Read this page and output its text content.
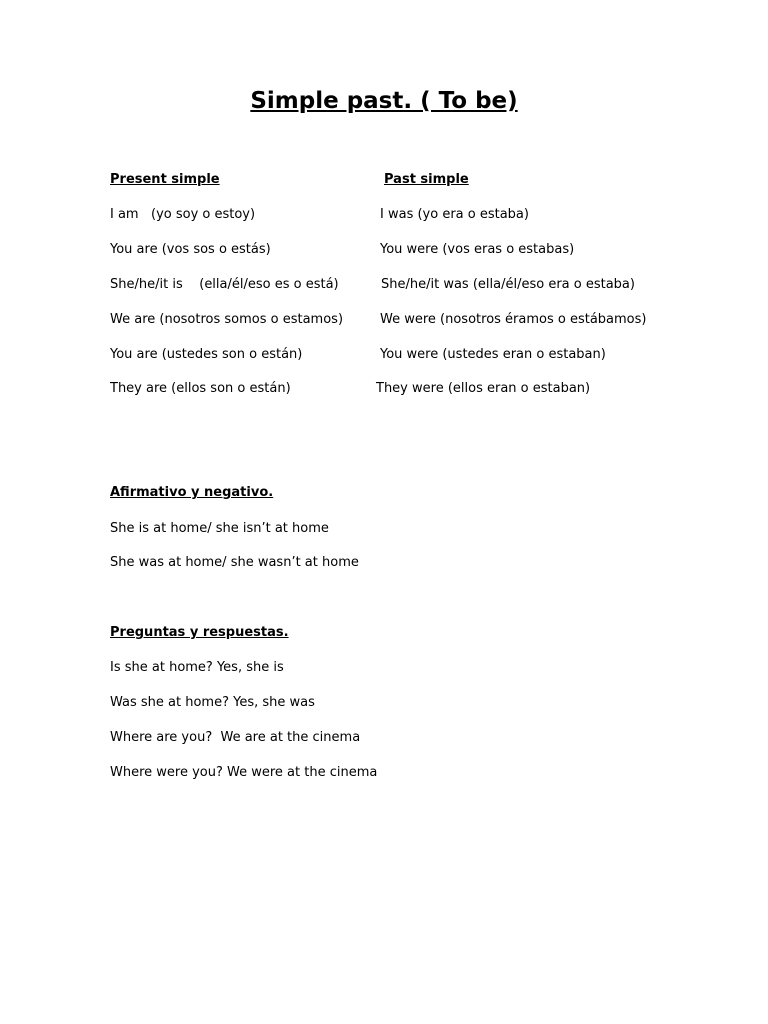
Simple past. ( To be)
Present simple	Past simple
I am   (yo soy o estoy)	I was (yo era o estaba)
You are (vos sos o estás)	You were (vos eras o estabas)
She/he/it is    (ella/él/eso es o está)	She/he/it was (ella/él/eso era o estaba)
We are (nosotros somos o estamos)	We were (nosotros éramos o estábamos)
You are (ustedes son o están)	You were (ustedes eran o estaban)
They are (ellos son o están)	They were (ellos eran o estaban)
Afirmativo y negativo.
She is at home/ she isn’t at home
She was at home/ she wasn’t at home
Preguntas y respuestas.
Is she at home? Yes, she is
Was she at home? Yes, she was
Where are you?  We are at the cinema
Where were you? We were at the cinema
